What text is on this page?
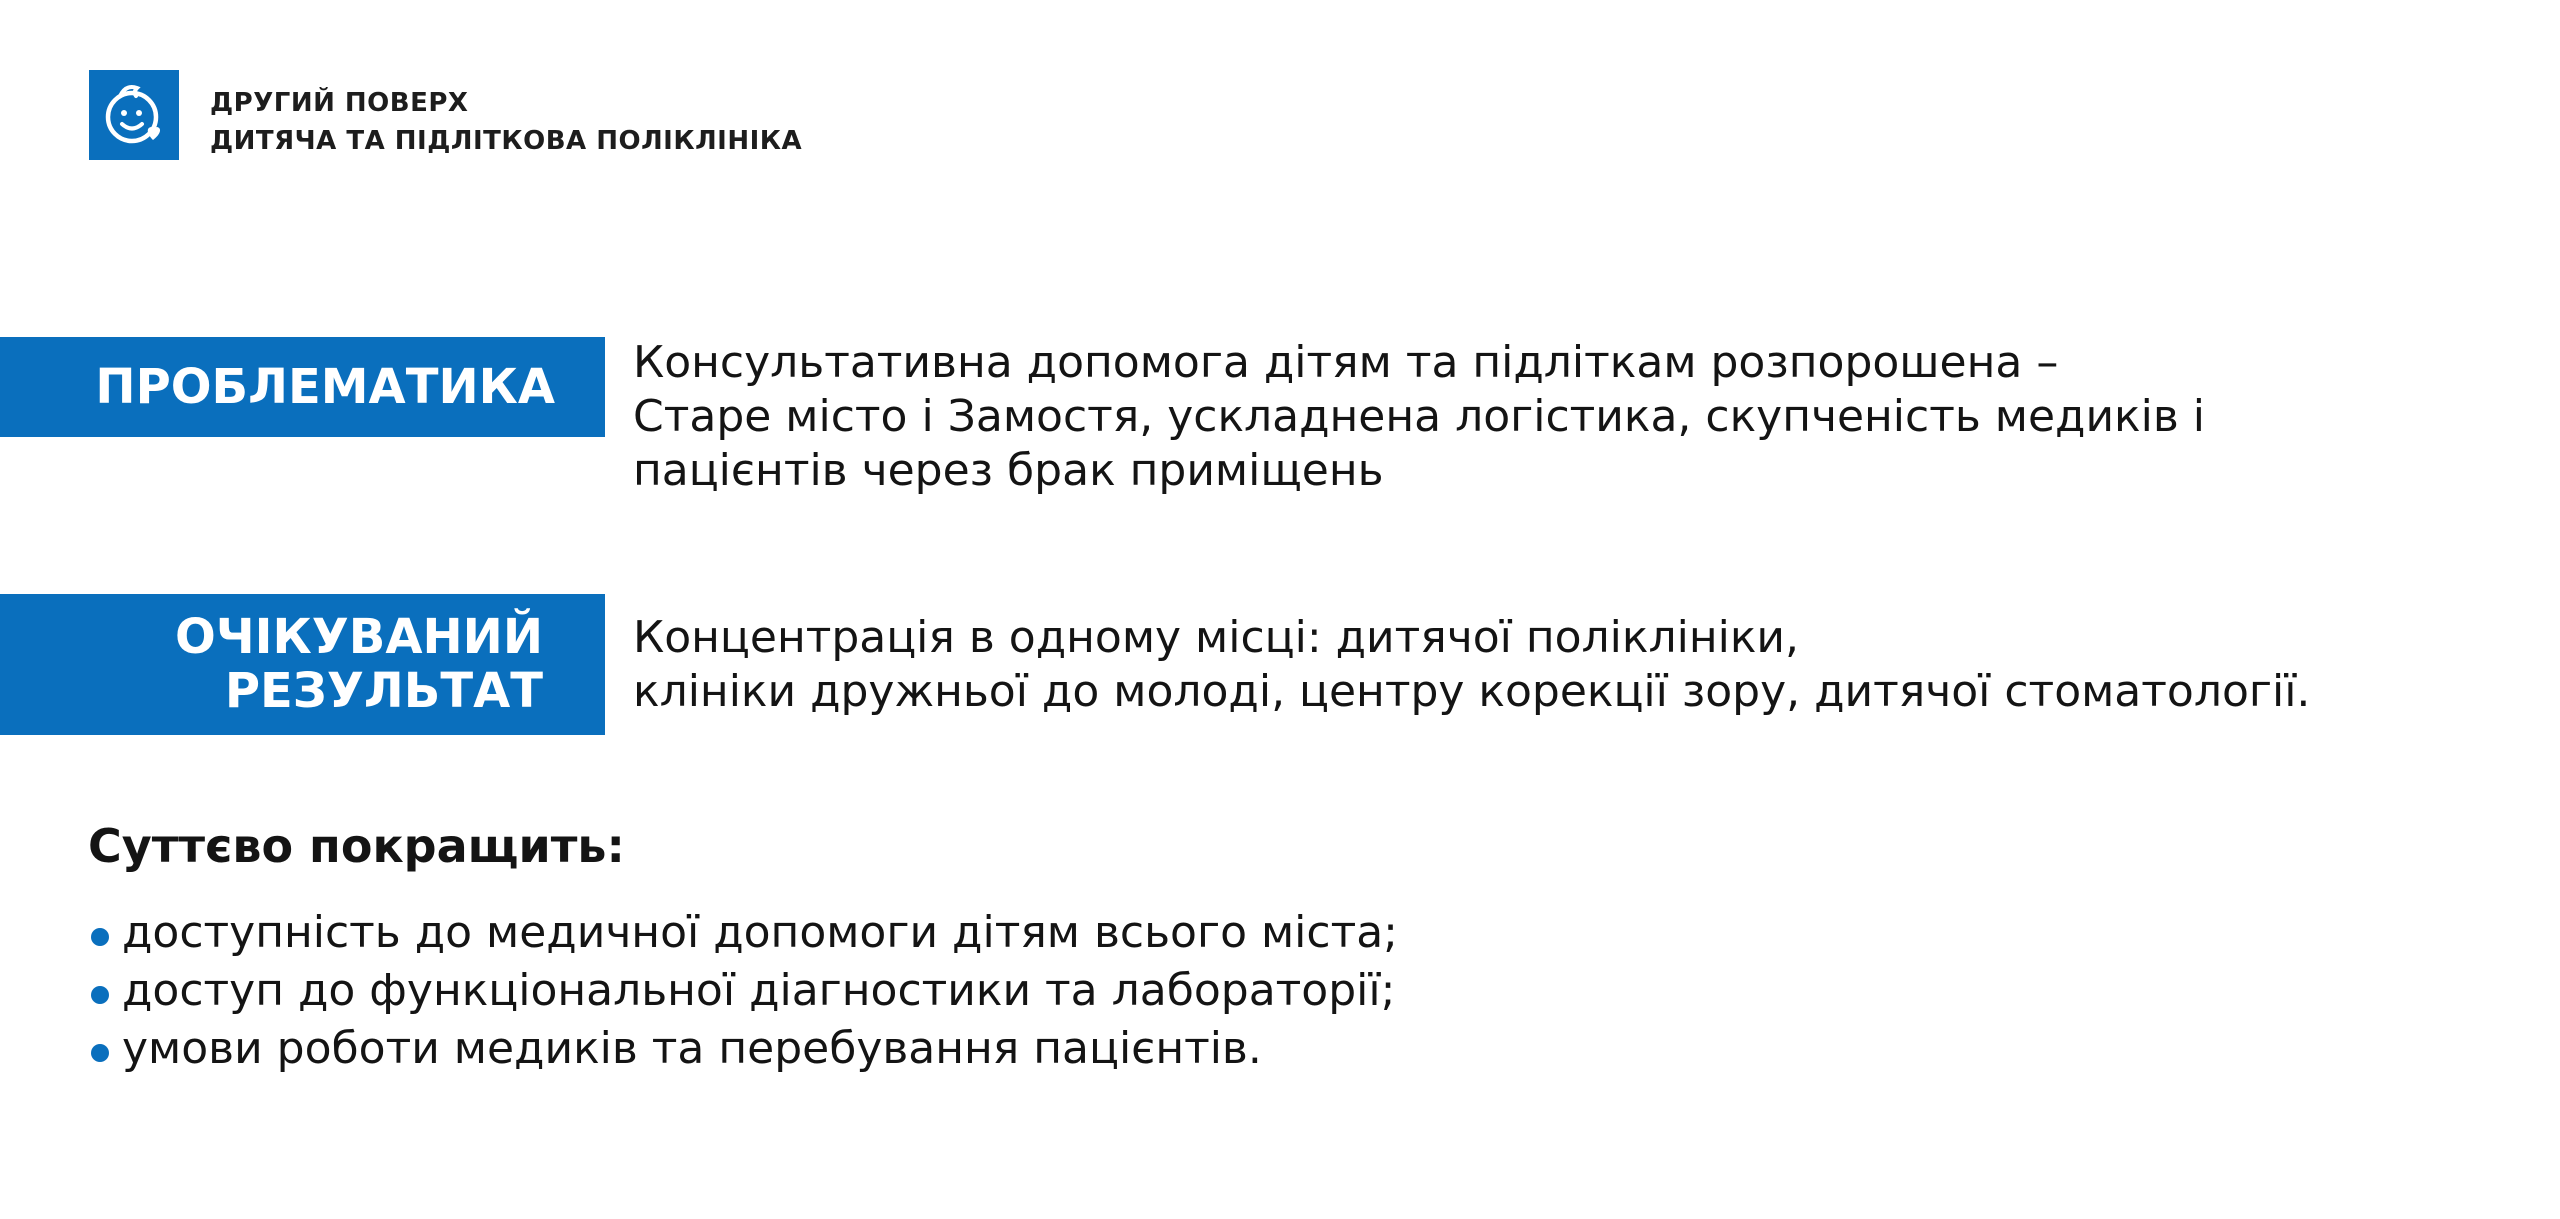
ДРУГИЙ ПОВЕРХ
ДИТЯЧА ТА ПІДЛІТКОВА ПОЛІКЛІНІКА
ПРОБЛЕМАТИКА	Консультативна допомога дітям та підліткам розпорошена –
Старе місто і Замостя, ускладнена логістика, скупченість медиків і
пацієнтів через брак приміщень
ОЧІКУВАНИЙ
РЕЗУЛЬТАТ
Концентрація в одному місці: дитячої поліклініки,
клініки дружньої до молоді, центру корекції зору, дитячої стоматології.
Суттєво покращить:
доступність до медичної допомоги дітям всього міста;
доступ до функціональної діагностики та лабораторії;
умови роботи медиків та перебування пацієнтів.
